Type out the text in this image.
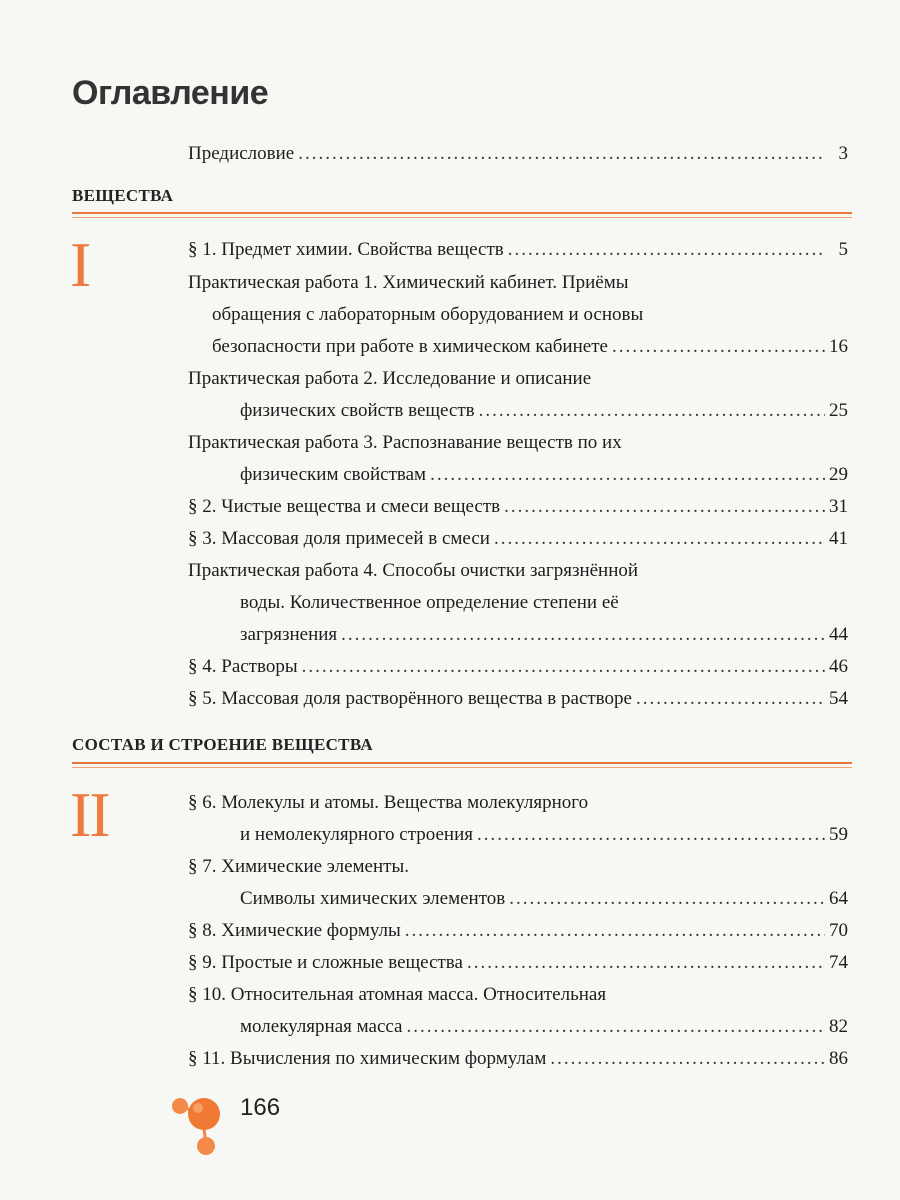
Оглавление
Предисловие .....	3
ВЕЩЕСТВА
I	§ 1. Предмет химии. Свойства веществ .....	5
Практическая работа 1. Химический кабинет. Приёмы
обращения с лабораторным оборудованием и основы
безопасности при работе в химическом кабинете .....	16
Практическая работа 2. Исследование и описание
физических свойств веществ .....	25
Практическая работа 3. Распознавание веществ по их
физическим свойствам .....	29
§ 2. Чистые вещества и смеси веществ .....	31
§ 3. Массовая доля примесей в смеси .....	41
Практическая работа 4. Способы очистки загрязнённой
воды. Количественное определение степени её
загрязнения .....	44
§ 4. Растворы .....	46
§ 5. Массовая доля растворённого вещества в растворе .....	54
СОСТАВ И СТРОЕНИЕ ВЕЩЕСТВА
II	§ 6. Молекулы и атомы. Вещества молекулярного
и немолекулярного строения .....	59
§ 7. Химические элементы.
Символы химических элементов .....	64
§ 8. Химические формулы .....	70
§ 9. Простые и сложные вещества .....	74
§ 10. Относительная атомная масса. Относительная
молекулярная масса .....	82
§ 11. Вычисления по химическим формулам .....	86
166
